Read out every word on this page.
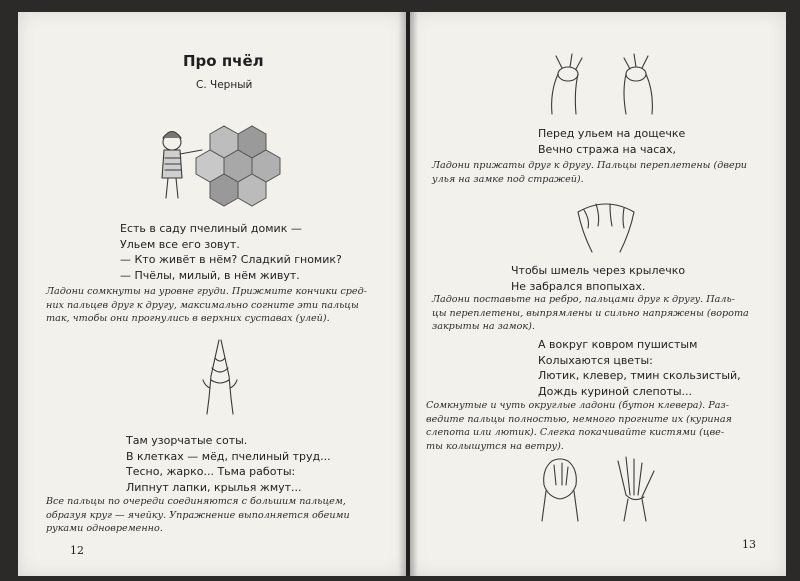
Про пчёл
С. Черный
Есть в саду пчелиный домик —
Ульем все его зовут.
— Кто живёт в нём? Сладкий гномик?
— Пчёлы, милый, в нём живут.
Ладони сомкнуты на уровне груди. Прижмите кончики сред-
них пальцев друг к другу, максимально согните эти пальцы
так, чтобы они прогнулись в верхних суставах (улей).
Там узорчатые соты.
В клетках — мёд, пчелиный труд...
Тесно, жарко... Тьма работы:
Липнут лапки, крылья жмут...
Все пальцы по очереди соединяются с большим пальцем,
образуя круг — ячейку. Упражнение выполняется обеими
руками одновременно.
12
Перед ульем на дощечке
Вечно стража на часах,
Ладони прижаты друг к другу. Пальцы переплетены (двери
улья на замке под стражей).
Чтобы шмель через крылечко
Не забрался впопыхах.
Ладони поставьте на ребро, пальцами друг к другу. Паль-
цы переплетены, выпрямлены и сильно напряжены (ворота
закрыты на замок).
А вокруг ковром пушистым
Колыхаются цветы:
Лютик, клевер, тмин скользистый,
Дождь куриной слепоты...
Сомкнутые и чуть округлые ладони (бутон клевера). Раз-
ведите пальцы полностью, немного прогните их (куриная
слепота или лютик). Слегка покачивайте кистями (цве-
ты колышутся на ветру).
13
